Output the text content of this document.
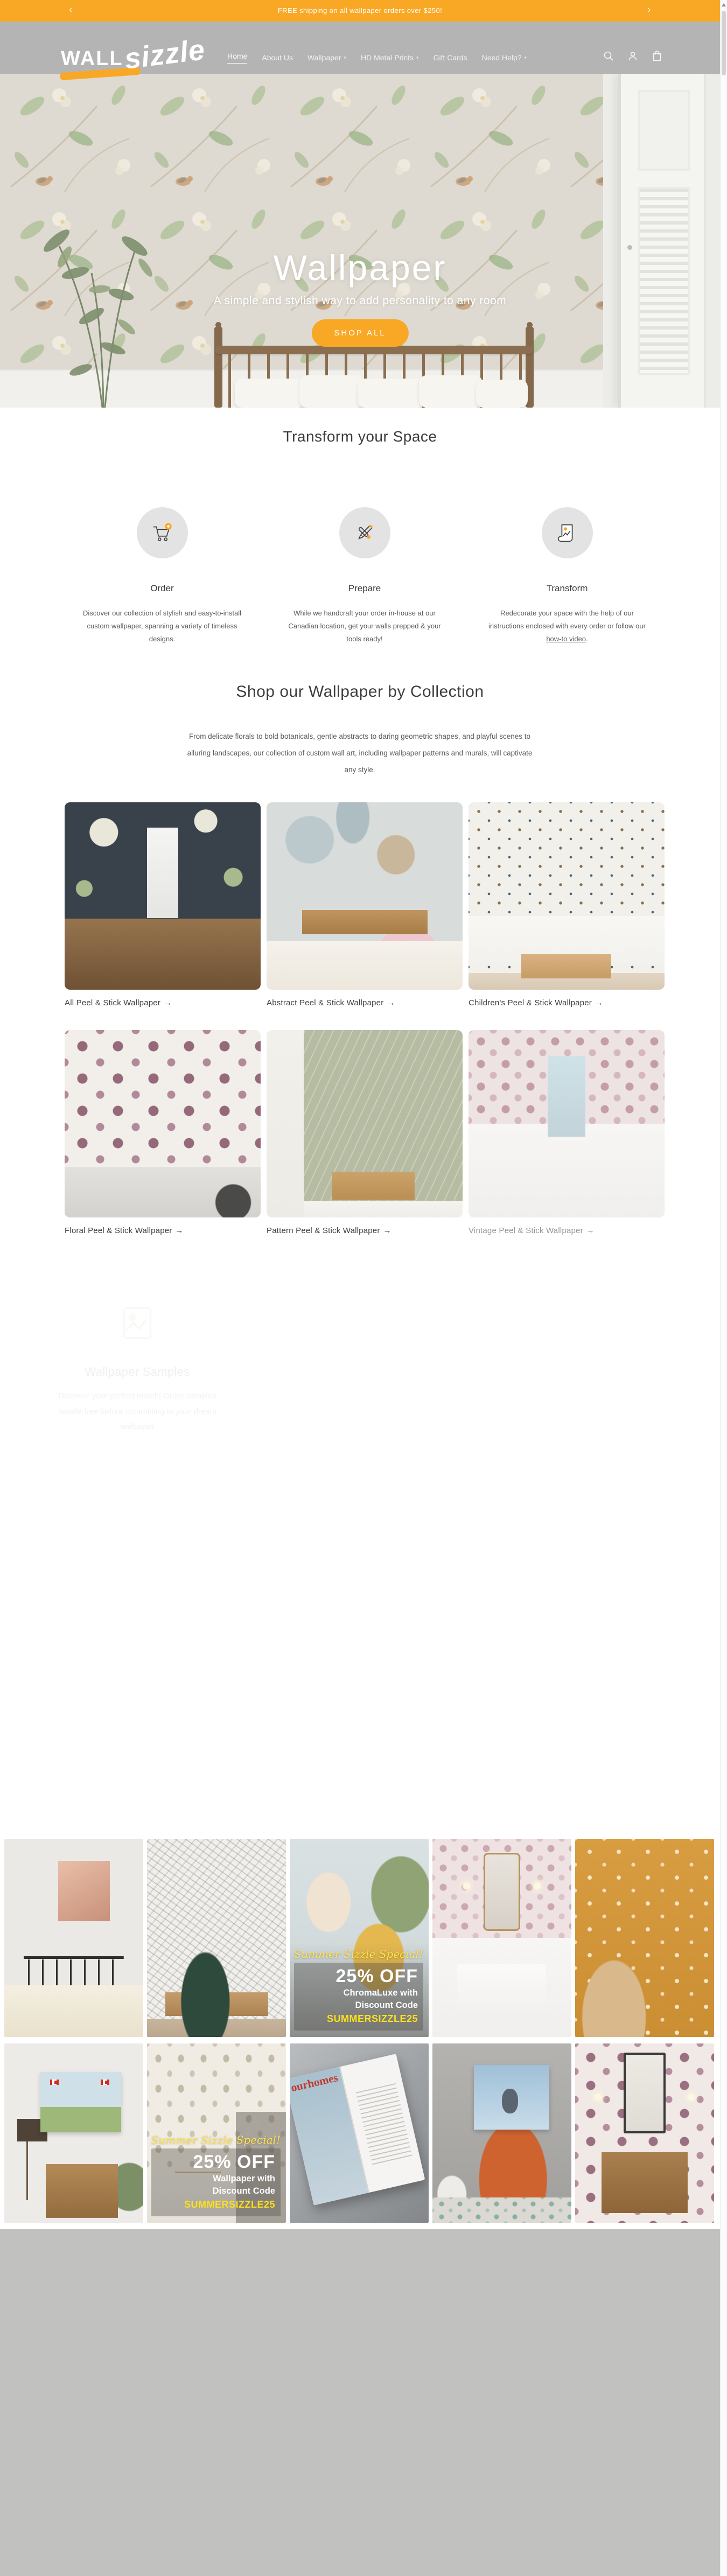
‹	FREE shipping on all wallpaper orders over $250!	›
WALL sizzle	Home About Us Wallpaper ▾ HD Metal Prints ▾ Gift Cards Need Help? ▾
Wallpaper
A simple and stylish way to add personality to any room
SHOP ALL
Transform your Space
Order
Discover our collection of stylish and easy-to-install custom wallpaper, spanning a variety of timeless designs.
Prepare
While we handcraft your order in-house at our Canadian location, get your walls prepped & your tools ready!
Transform
Redecorate your space with the help of our instructions enclosed with every order or follow our how-to video.
Shop our Wallpaper by Collection
From delicate florals to bold botanicals, gentle abstracts to daring geometric shapes, and playful scenes to alluring landscapes, our collection of custom wall art, including wallpaper patterns and murals, will captivate any style.
All Peel & Stick Wallpaper →	Abstract Peel & Stick Wallpaper →	Children's Peel & Stick Wallpaper →
Floral Peel & Stick Wallpaper →	Pattern Peel & Stick Wallpaper →	Vintage Peel & Stick Wallpaper →
Wallpaper Samples
Discover your perfect match! Order samples hassle-free before committing to your dream wallpaper
Summer Sizzle Special!
25% OFF
ChromaLuxe with
Discount Code
SUMMERSIZZLE25
Summer Sizzle Special!
25% OFF
Wallpaper with
Discount Code
SUMMERSIZZLE25
ourhomes
